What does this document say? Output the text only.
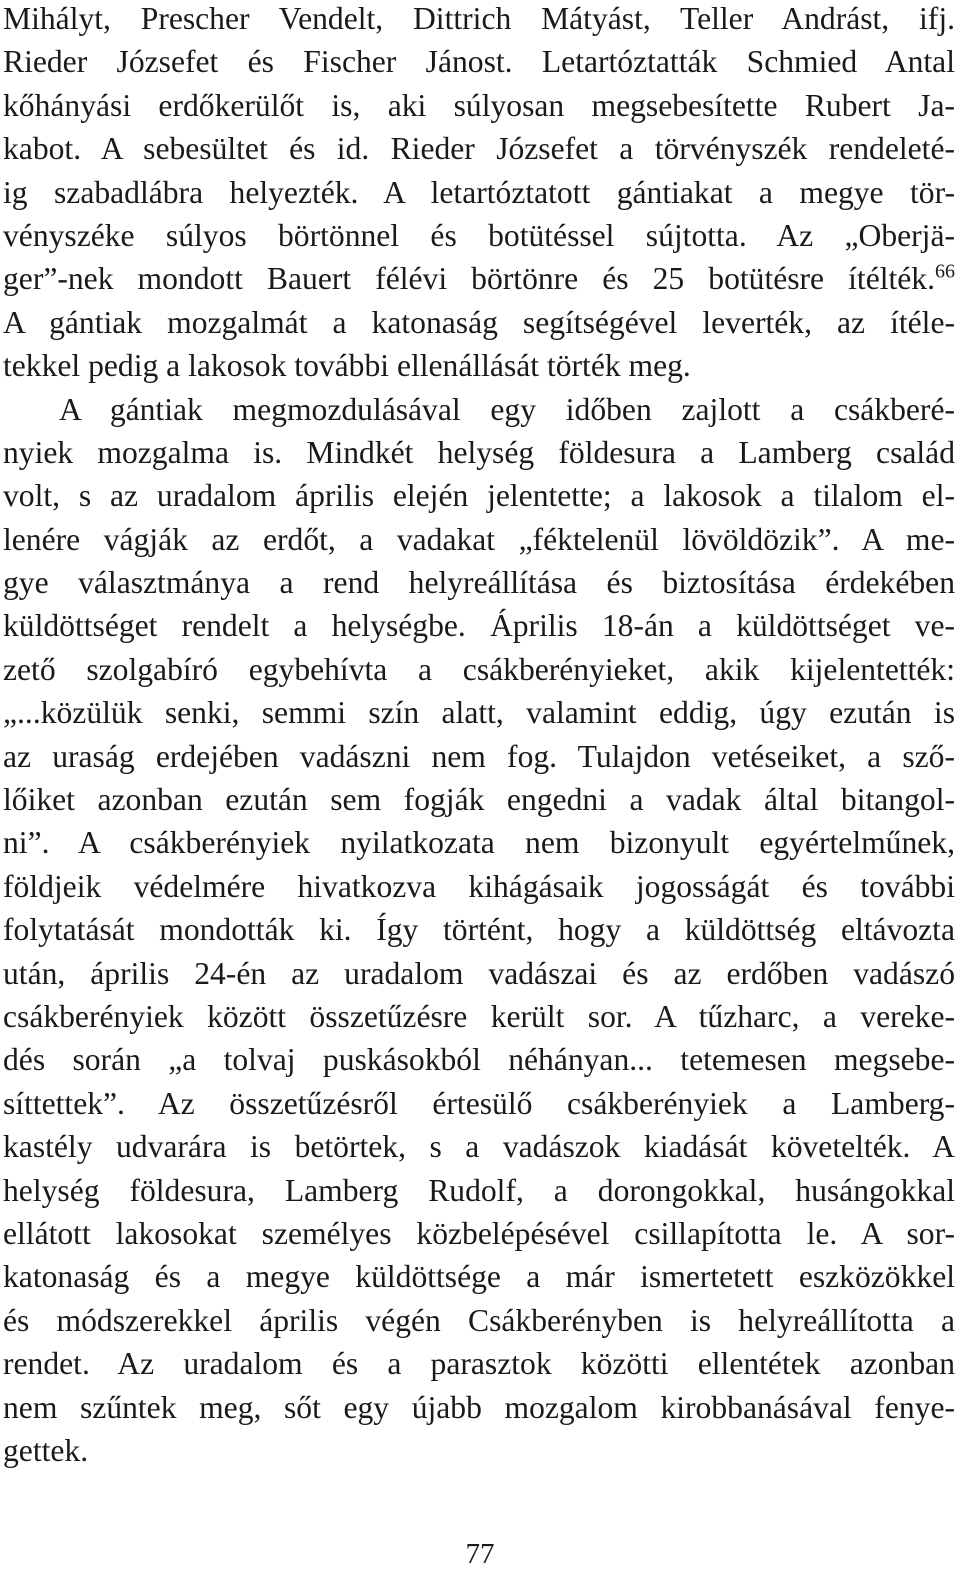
Mihályt, Prescher Vendelt, Dittrich Mátyást, Teller Andrást, ifj.
Rieder Józsefet és Fischer Jánost. Letartóztatták Schmied Antal
kőhányási erdőkerülőt is, aki súlyosan megsebesítette Rubert Ja-
kabot. A sebesültet és id. Rieder Józsefet a törvényszék rendeleté-
ig szabadlábra helyezték. A letartóztatott gántiakat a megye tör-
vényszéke súlyos börtönnel és botütéssel sújtotta. Az „Oberjä-
ger”-nek mondott Bauert félévi börtönre és 25 botütésre ítélték.$^{66}$
A gántiak mozgalmát a katonaság segítségével leverték, az ítéle-
tekkel pedig a lakosok további ellenállását törték meg.
A gántiak megmozdulásával egy időben zajlott a csákberé-
nyiek mozgalma is. Mindkét helység földesura a Lamberg család
volt, s az uradalom április elején jelentette; a lakosok a tilalom el-
lenére vágják az erdőt, a vadakat „féktelenül lövöldözik”. A me-
gye választmánya a rend helyreállítása és biztosítása érdekében
küldöttséget rendelt a helységbe. Április 18-án a küldöttséget ve-
zető szolgabíró egybehívta a csákberényieket, akik kijelentették:
„...közülük senki, semmi szín alatt, valamint eddig, úgy ezután is
az uraság erdejében vadászni nem fog. Tulajdon vetéseiket, a sző-
lőiket azonban ezután sem fogják engedni a vadak által bitangol-
ni”. A csákberényiek nyilatkozata nem bizonyult egyértelműnek,
földjeik védelmére hivatkozva kihágásaik jogosságát és további
folytatását mondották ki. Így történt, hogy a küldöttség eltávozta
után, április 24-én az uradalom vadászai és az erdőben vadászó
csákberényiek között összetűzésre került sor. A tűzharc, a vereke-
dés során „a tolvaj puskásokból néhányan... tetemesen megsebe-
síttettek”. Az összetűzésről értesülő csákberényiek a Lamberg-
kastély udvarára is betörtek, s a vadászok kiadását követelték. A
helység földesura, Lamberg Rudolf, a dorongokkal, husángokkal
ellátott lakosokat személyes közbelépésével csillapította le. A sor-
katonaság és a megye küldöttsége a már ismertetett eszközökkel
és módszerekkel április végén Csákberényben is helyreállította a
rendet. Az uradalom és a parasztok közötti ellentétek azonban
nem szűntek meg, sőt egy újabb mozgalom kirobbanásával fenye-
gettek.
77
